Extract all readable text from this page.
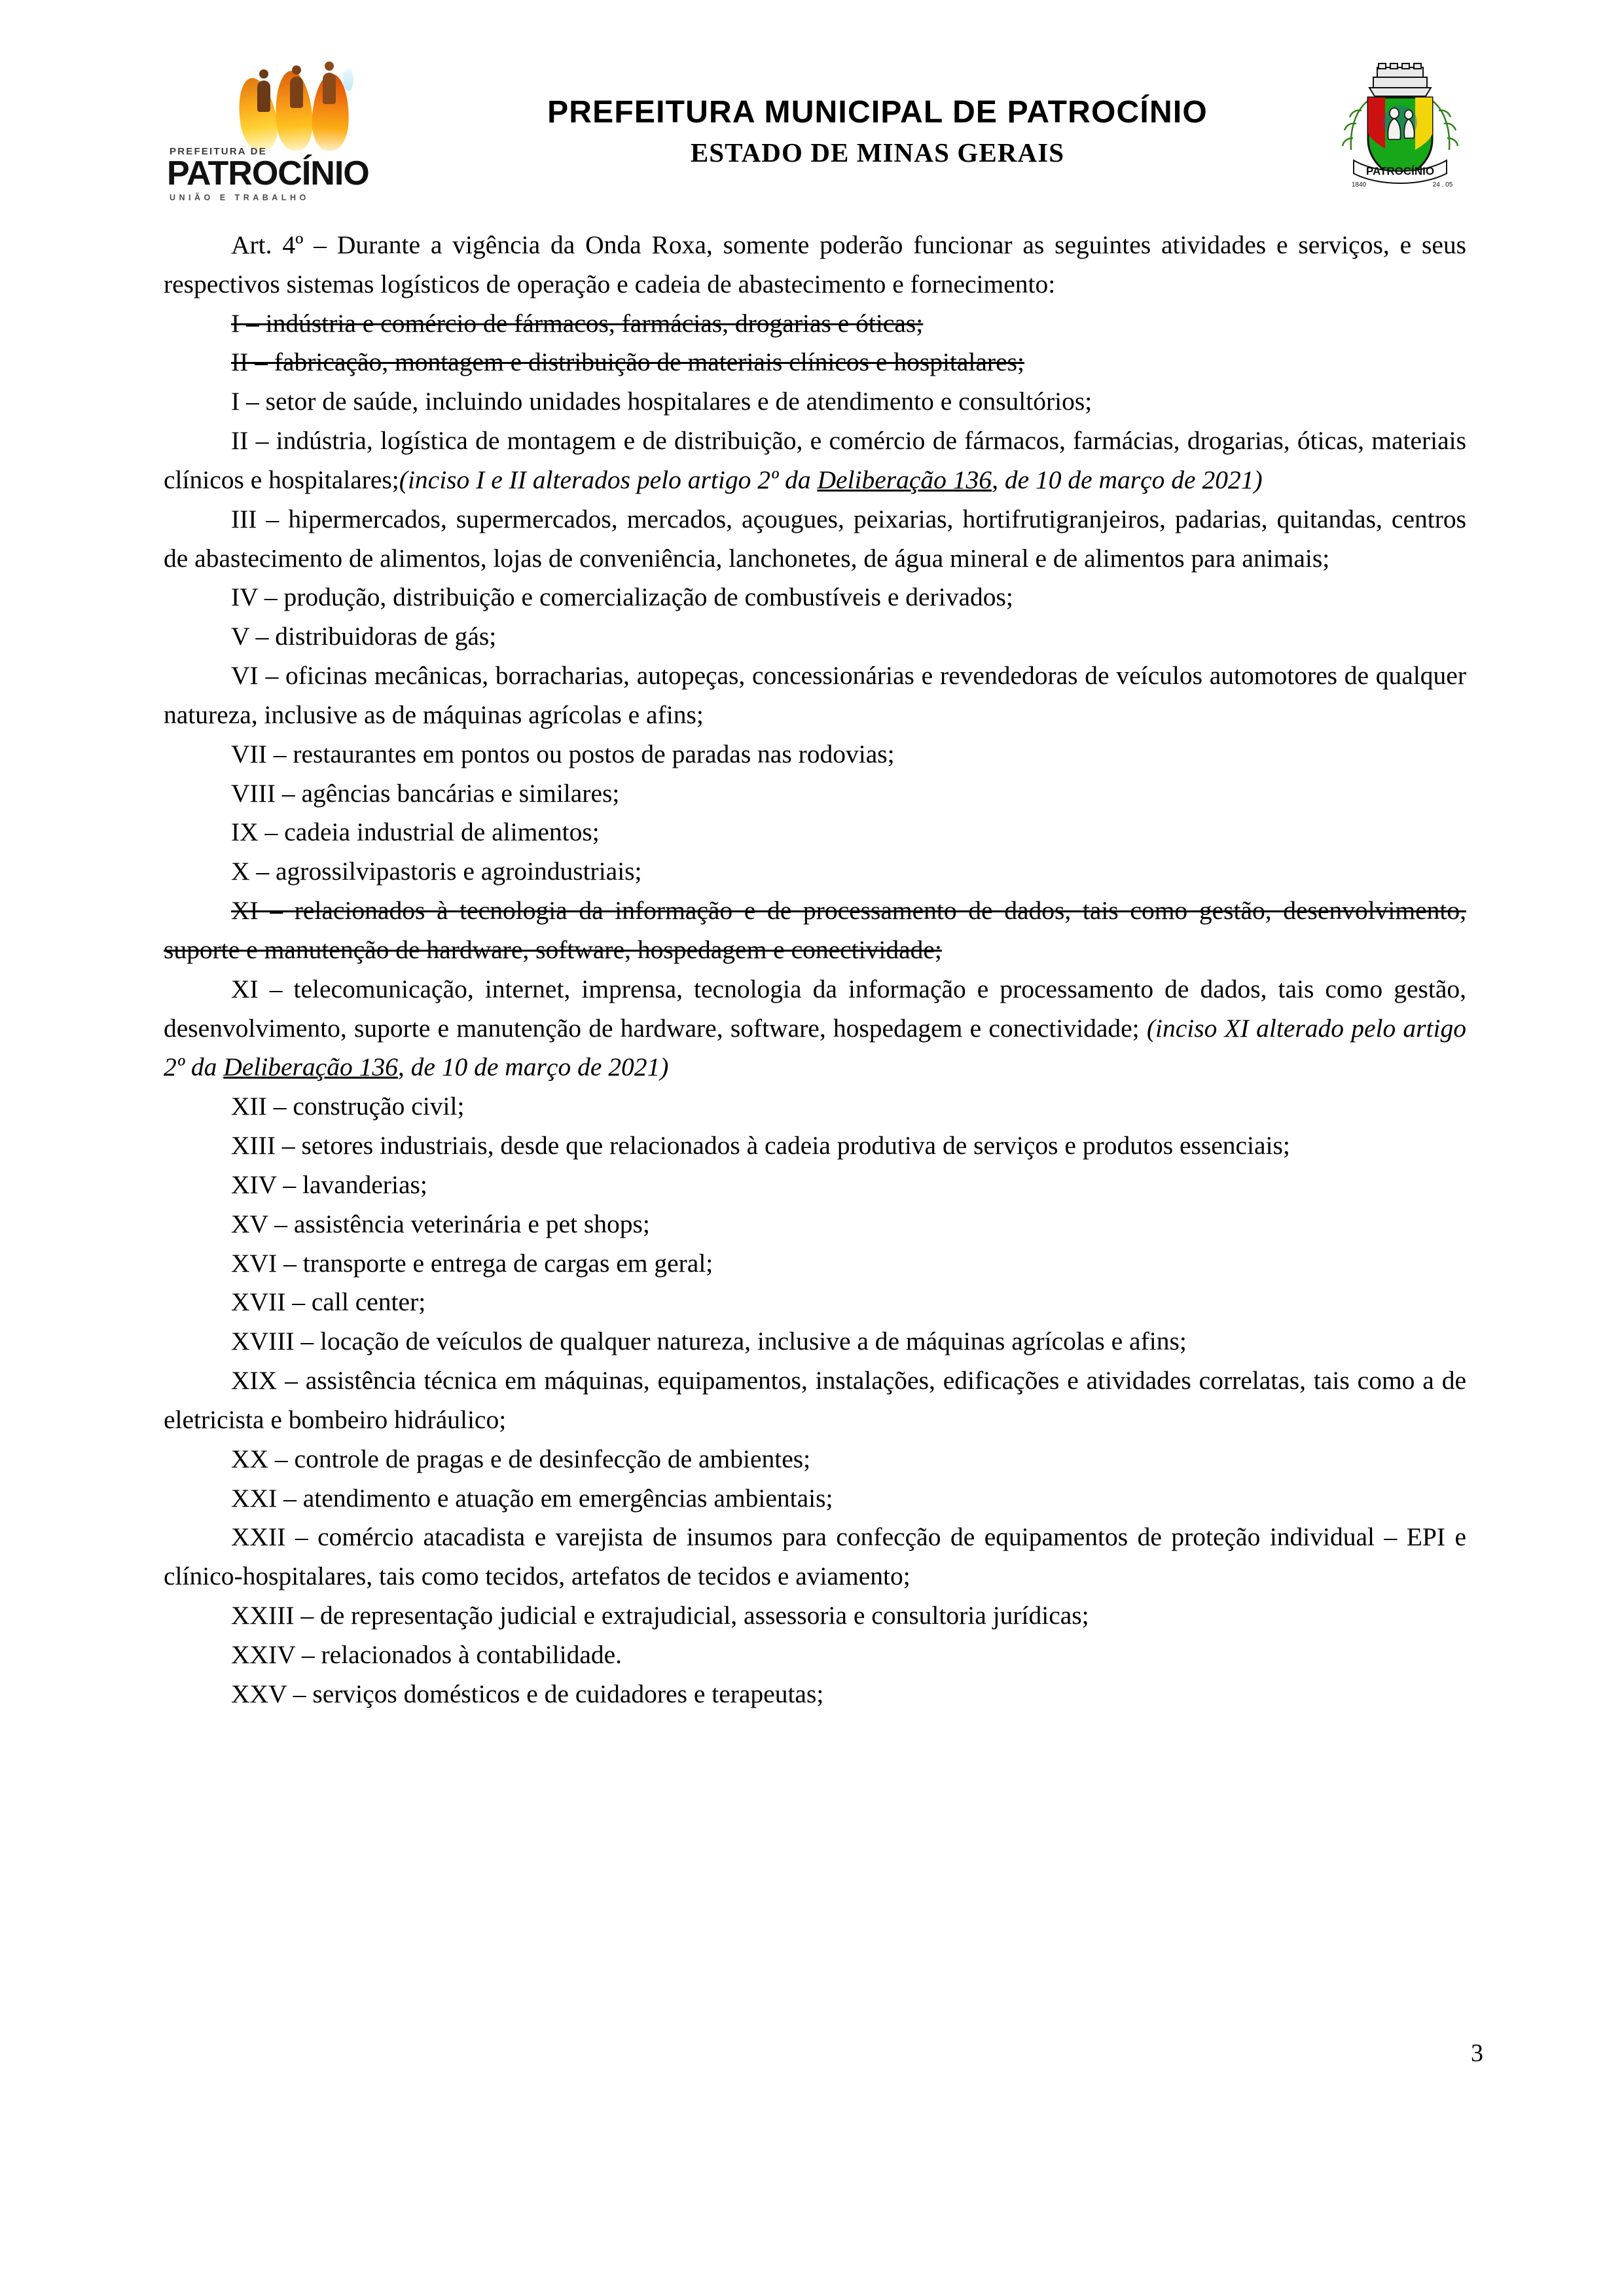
PREFEITURA DE
PATROCÍNIO
UNIÃO E TRABALHO
PREFEITURA MUNICIPAL DE PATROCÍNIO
ESTADO DE MINAS GERAIS
PATROCÍNIO
1840	24 . 05

Art. 4º – Durante a vigência da Onda Roxa, somente poderão funcionar as seguintes atividades e serviços, e seus respectivos sistemas logísticos de operação e cadeia de abastecimento e fornecimento:

I – indústria e comércio de fármacos, farmácias, drogarias e óticas;

II – fabricação, montagem e distribuição de materiais clínicos e hospitalares;

I – setor de saúde, incluindo unidades hospitalares e de atendimento e consultórios;

II – indústria, logística de montagem e de distribuição, e comércio de fármacos, farmácias, drogarias, óticas, materiais clínicos e hospitalares;(inciso I e II alterados pelo artigo 2º da Deliberação 136, de 10 de março de 2021)

III – hipermercados, supermercados, mercados, açougues, peixarias, hortifrutigranjeiros, padarias, quitandas, centros de abastecimento de alimentos, lojas de conveniência, lanchonetes, de água mineral e de alimentos para animais;

IV – produção, distribuição e comercialização de combustíveis e derivados;

V – distribuidoras de gás;

VI – oficinas mecânicas, borracharias, autopeças, concessionárias e revendedoras de veículos automotores de qualquer natureza, inclusive as de máquinas agrícolas e afins;

VII – restaurantes em pontos ou postos de paradas nas rodovias;

VIII – agências bancárias e similares;

IX – cadeia industrial de alimentos;

X – agrossilvipastoris e agroindustriais;

XI – relacionados à tecnologia da informação e de processamento de dados, tais como gestão, desenvolvimento, suporte e manutenção de hardware, software, hospedagem e conectividade;

XI – telecomunicação, internet, imprensa, tecnologia da informação e processamento de dados, tais como gestão, desenvolvimento, suporte e manutenção de hardware, software, hospedagem e conectividade; (inciso XI alterado pelo artigo 2º da Deliberação 136, de 10 de março de 2021)

XII – construção civil;

XIII – setores industriais, desde que relacionados à cadeia produtiva de serviços e produtos essenciais;

XIV – lavanderias;

XV – assistência veterinária e pet shops;

XVI – transporte e entrega de cargas em geral;

XVII – call center;

XVIII – locação de veículos de qualquer natureza, inclusive a de máquinas agrícolas e afins;

XIX – assistência técnica em máquinas, equipamentos, instalações, edificações e atividades correlatas, tais como a de eletricista e bombeiro hidráulico;

XX – controle de pragas e de desinfecção de ambientes;

XXI – atendimento e atuação em emergências ambientais;

XXII – comércio atacadista e varejista de insumos para confecção de equipamentos de proteção individual – EPI e clínico-hospitalares, tais como tecidos, artefatos de tecidos e aviamento;

XXIII – de representação judicial e extrajudicial, assessoria e consultoria jurídicas;

XXIV – relacionados à contabilidade.

XXV – serviços domésticos e de cuidadores e terapeutas;

3
